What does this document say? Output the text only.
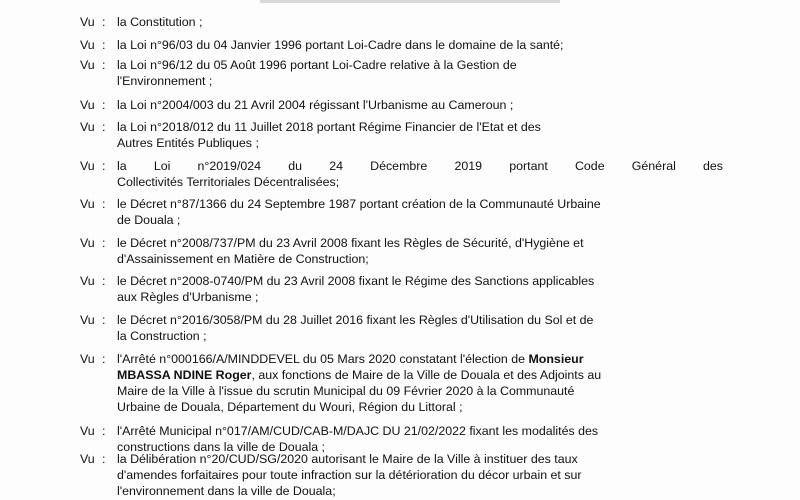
Vu : la Constitution ;
Vu : la Loi n°96/03 du 04 Janvier 1996 portant Loi-Cadre dans le domaine de la santé;
Vu : la Loi n°96/12 du 05 Août 1996 portant Loi-Cadre relative à la Gestion de
l'Environnement ;
Vu : la Loi n°2004/003 du 21 Avril 2004 régissant l'Urbanisme au Cameroun ;
Vu : la Loi n°2018/012 du 11 Juillet 2018 portant Régime Financier de l'Etat et des
Autres Entités Publiques ;
Vu : la Loi n°2019/024 du 24 Décembre 2019 portant Code Général des
Collectivités Territoriales Décentralisées;
Vu : le Décret n°87/1366 du 24 Septembre 1987 portant création de la Communauté Urbaine
de Douala ;
Vu : le Décret n°2008/737/PM du 23 Avril 2008 fixant les Règles de Sécurité, d'Hygiène et
d'Assainissement en Matière de Construction;
Vu : le Décret n°2008-0740/PM du 23 Avril 2008 fixant le Régime des Sanctions applicables
aux Règles d'Urbanisme ;
Vu : le Décret n°2016/3058/PM du 28 Juillet 2016 fixant les Règles d'Utilisation du Sol et de
la Construction ;
Vu : l'Arrêté n°000166/A/MINDDEVEL du 05 Mars 2020 constatant l'élection de Monsieur
MBASSA NDINE Roger, aux fonctions de Maire de la Ville de Douala et des Adjoints au
Maire de la Ville à l'issue du scrutin Municipal du 09 Février 2020 à la Communauté
Urbaine de Douala, Département du Wouri, Région du Littoral ;
Vu : l'Arrêté Municipal n°017/AM/CUD/CAB-M/DAJC DU 21/02/2022 fixant les modalités des
constructions dans la ville de Douala ;
Vu : la Délibération n°20/CUD/SG/2020 autorisant le Maire de la Ville à instituer des taux
d'amendes forfaitaires pour toute infraction sur la détérioration du décor urbain et sur
l'environnement dans la ville de Douala;
